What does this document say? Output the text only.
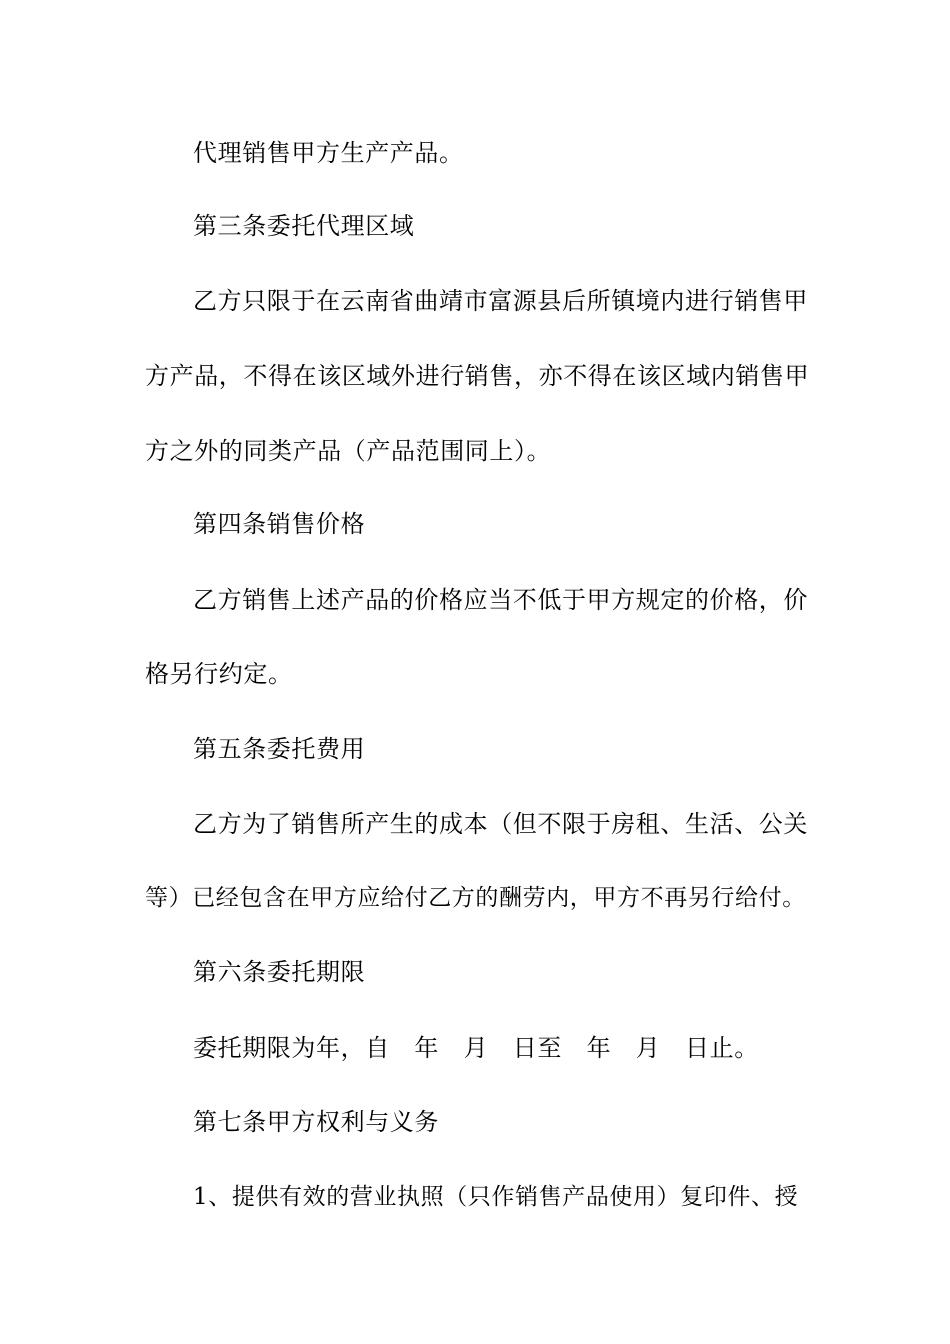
代理销售甲方生产产品。
第三条委托代理区域
乙方只限于在云南省曲靖市富源县后所镇境内进行销售甲
方产品，不得在该区域外进行销售，亦不得在该区域内销售甲
方之外的同类产品（产品范围同上）。
第四条销售价格
乙方销售上述产品的价格应当不低于甲方规定的价格，价
格另行约定。
第五条委托费用
乙方为了销售所产生的成本（但不限于房租、生活、公关
等）已经包含在甲方应给付乙方的酬劳内，甲方不再另行给付。
第六条委托期限
委托期限为年，自　年　月　日至　年　月　日止。
第七条甲方权利与义务
1、提供有效的营业执照（只作销售产品使用）复印件、授
